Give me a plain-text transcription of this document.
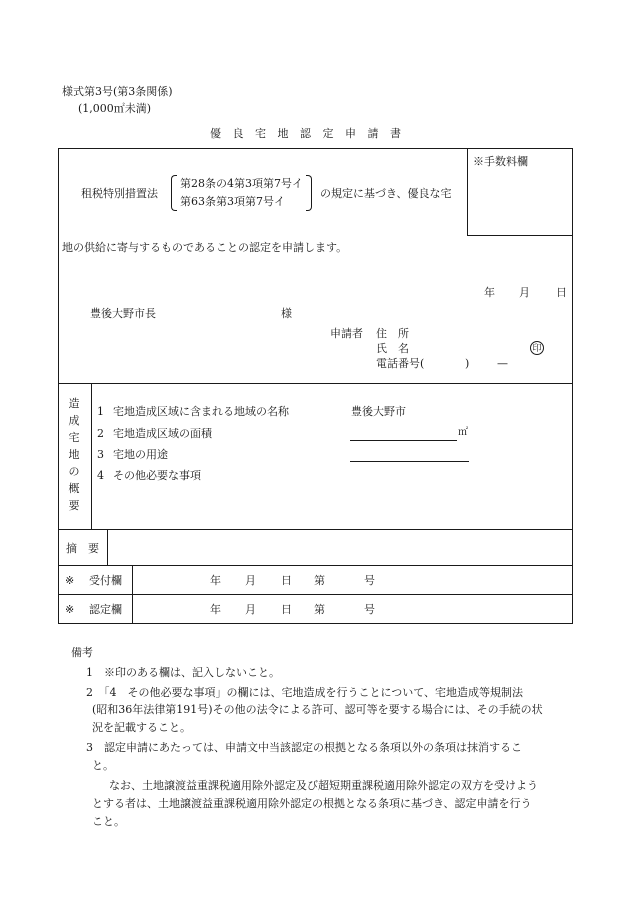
様式第3号(第3条関係)
(1,000㎡未満)
優 良 宅 地 認 定 申 請 書
※手数料欄
租税特別措置法
第28条の4第3項第7号イ
第63条第3項第7号イ
の規定に基づき、優良な宅
地の供給に寄与するものであることの認定を申請します。
年 月 日
豊後大野市長	様
申請者 住　所
氏　名	印
電話番号(	)	—
造
成
宅
地
の
概
要
1 宅地造成区域に含まれる地域の名称	豊後大野市
2 宅地造成区域の面積	㎡
3 宅地の用途
4 その他必要な事項
摘　要
※ 受付欄	年 月 日 第	号
※ 認定欄	年 月 日 第	号
備考
1　※印のある欄は、記入しないこと。
2　「4　その他必要な事項」の欄には、宅地造成を行うことについて、宅地造成等規制法
(昭和36年法律第191号)その他の法令による許可、認可等を要する場合には、その手続の状
況を記載すること。
3　認定申請にあたっては、申請文中当該認定の根拠となる条項以外の条項は抹消するこ
と。
なお、土地譲渡益重課税適用除外認定及び超短期重課税適用除外認定の双方を受けよう
とする者は、土地譲渡益重課税適用除外認定の根拠となる条項に基づき、認定申請を行う
こと。
